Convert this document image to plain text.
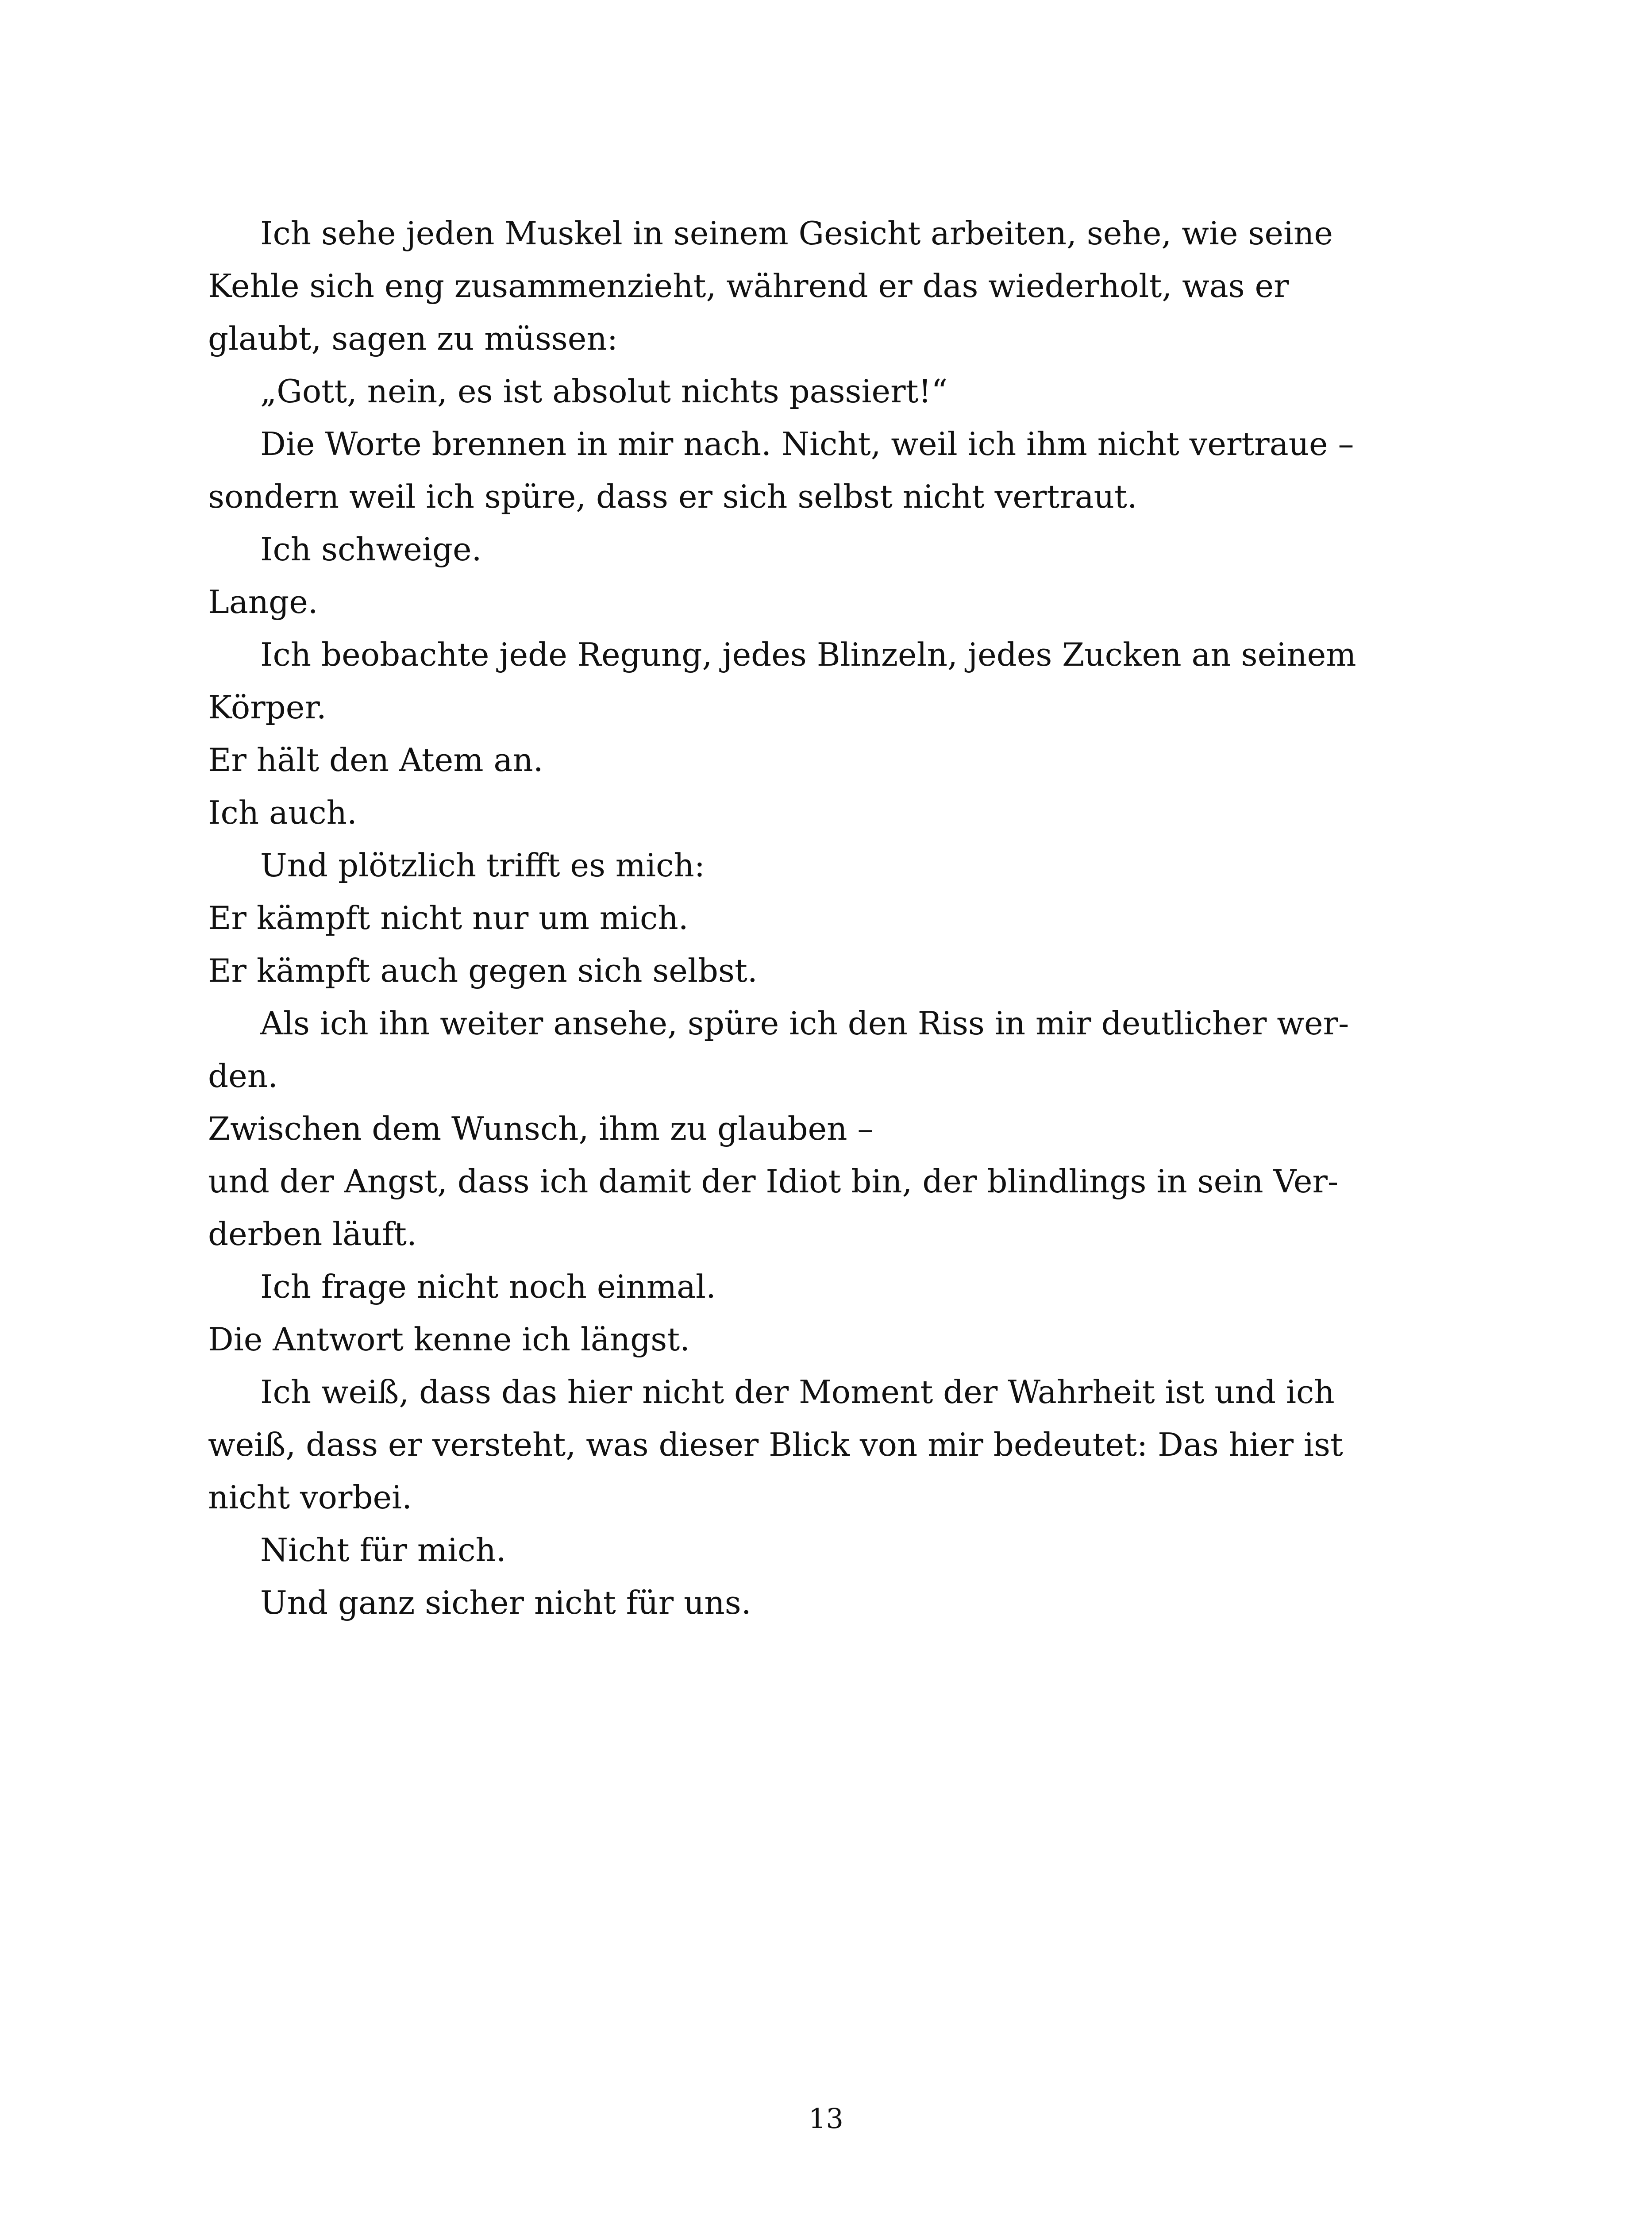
Ich sehe jeden Muskel in seinem Gesicht arbeiten, sehe, wie seine
Kehle sich eng zusammenzieht, während er das wiederholt, was er
glaubt, sagen zu müssen:
„Gott, nein, es ist absolut nichts passiert!“
Die Worte brennen in mir nach. Nicht, weil ich ihm nicht vertraue –
sondern weil ich spüre, dass er sich selbst nicht vertraut.
Ich schweige.
Lange.
Ich beobachte jede Regung, jedes Blinzeln, jedes Zucken an seinem
Körper.
Er hält den Atem an.
Ich auch.
Und plötzlich trifft es mich:
Er kämpft nicht nur um mich.
Er kämpft auch gegen sich selbst.
Als ich ihn weiter ansehe, spüre ich den Riss in mir deutlicher wer-
den.
Zwischen dem Wunsch, ihm zu glauben –
und der Angst, dass ich damit der Idiot bin, der blindlings in sein Ver-
derben läuft.
Ich frage nicht noch einmal.
Die Antwort kenne ich längst.
Ich weiß, dass das hier nicht der Moment der Wahrheit ist und ich
weiß, dass er versteht, was dieser Blick von mir bedeutet: Das hier ist
nicht vorbei.
Nicht für mich.
Und ganz sicher nicht für uns.
13
